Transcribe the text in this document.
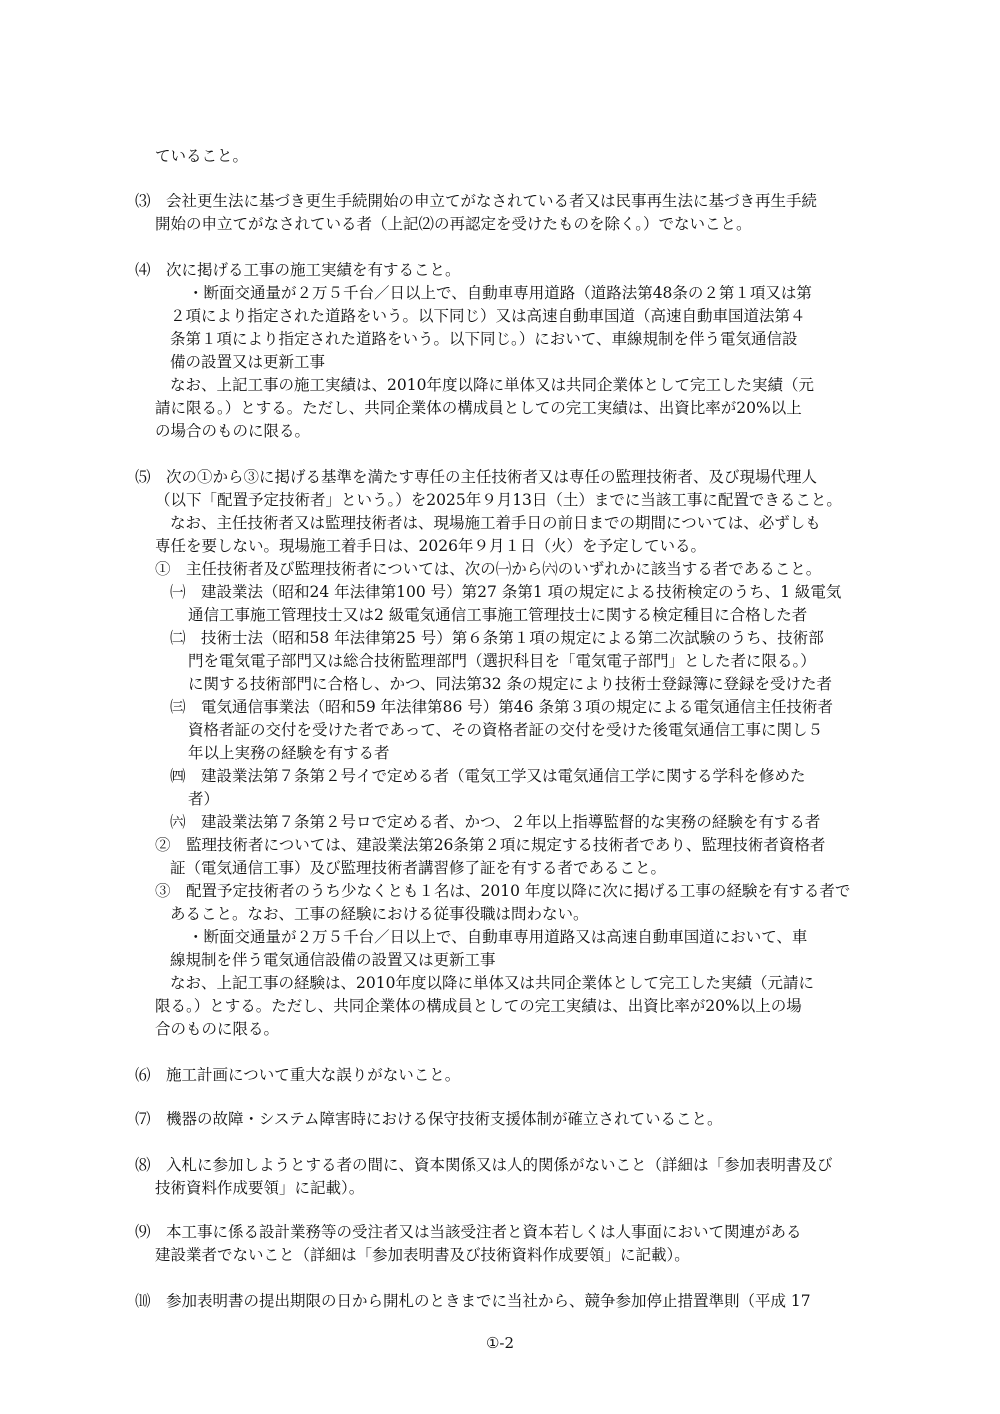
ていること。
⑶　会社更生法に基づき更生手続開始の申立てがなされている者又は民事再生法に基づき再生手続
開始の申立てがなされている者（上記⑵の再認定を受けたものを除く。）でないこと。
⑷　次に掲げる工事の施工実績を有すること。
・断面交通量が２万５千台／日以上で、自動車専用道路（道路法第48条の２第１項又は第
２項により指定された道路をいう。以下同じ）又は高速自動車国道（高速自動車国道法第４
条第１項により指定された道路をいう。以下同じ。）において、車線規制を伴う電気通信設
備の設置又は更新工事
なお、上記工事の施工実績は、2010年度以降に単体又は共同企業体として完工した実績（元
請に限る。）とする。ただし、共同企業体の構成員としての完工実績は、出資比率が20%以上
の場合のものに限る。
⑸　次の①から③に掲げる基準を満たす専任の主任技術者又は専任の監理技術者、及び現場代理人
（以下「配置予定技術者」という。）を2025年９月13日（土）までに当該工事に配置できること。
なお、主任技術者又は監理技術者は、現場施工着手日の前日までの期間については、必ずしも
専任を要しない。現場施工着手日は、2026年９月１日（火）を予定している。
①　主任技術者及び監理技術者については、次の㈠から㈥のいずれかに該当する者であること。
㈠　建設業法（昭和24 年法律第100 号）第27 条第1 項の規定による技術検定のうち、1 級電気
通信工事施工管理技士又は2 級電気通信工事施工管理技士に関する検定種目に合格した者
㈡　技術士法（昭和58 年法律第25 号）第６条第１項の規定による第二次試験のうち、技術部
門を電気電子部門又は総合技術監理部門（選択科目を「電気電子部門」とした者に限る。）
に関する技術部門に合格し、かつ、同法第32 条の規定により技術士登録簿に登録を受けた者
㈢　電気通信事業法（昭和59 年法律第86 号）第46 条第３項の規定による電気通信主任技術者
資格者証の交付を受けた者であって、その資格者証の交付を受けた後電気通信工事に関し５
年以上実務の経験を有する者
㈣　建設業法第７条第２号イで定める者（電気工学又は電気通信工学に関する学科を修めた
者）
㈥　建設業法第７条第２号ロで定める者、かつ、２年以上指導監督的な実務の経験を有する者
②　監理技術者については、建設業法第26条第２項に規定する技術者であり、監理技術者資格者
証（電気通信工事）及び監理技術者講習修了証を有する者であること。
③　配置予定技術者のうち少なくとも１名は、2010 年度以降に次に掲げる工事の経験を有する者で
あること。なお、工事の経験における従事役職は問わない。
・断面交通量が２万５千台／日以上で、自動車専用道路又は高速自動車国道において、車
線規制を伴う電気通信設備の設置又は更新工事
なお、上記工事の経験は、2010年度以降に単体又は共同企業体として完工した実績（元請に
限る。）とする。ただし、共同企業体の構成員としての完工実績は、出資比率が20%以上の場
合のものに限る。
⑹　施工計画について重大な誤りがないこと。
⑺　機器の故障・システム障害時における保守技術支援体制が確立されていること。
⑻　入札に参加しようとする者の間に、資本関係又は人的関係がないこと（詳細は「参加表明書及び
技術資料作成要領」に記載）。
⑼　本工事に係る設計業務等の受注者又は当該受注者と資本若しくは人事面において関連がある
建設業者でないこと（詳細は「参加表明書及び技術資料作成要領」に記載）。
⑽　参加表明書の提出期限の日から開札のときまでに当社から、競争参加停止措置準則（平成 17
①-2
